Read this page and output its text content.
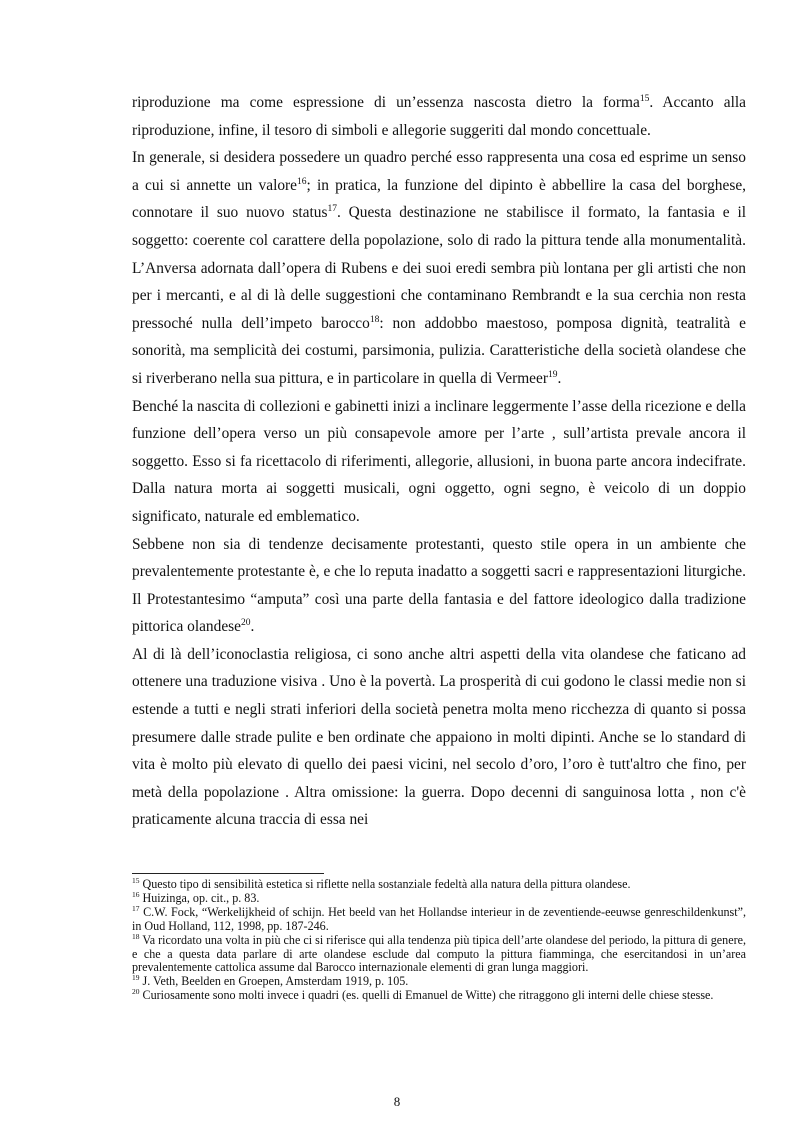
riproduzione ma come espressione di un’essenza nascosta dietro la forma$^{15}$. Accanto alla riproduzione, infine, il tesoro di simboli e allegorie suggeriti dal mondo concettuale.

In generale, si desidera possedere un quadro perché esso rappresenta una cosa ed esprime un senso a cui si annette un valore$^{16}$; in pratica, la funzione del dipinto è abbellire la casa del borghese, connotare il suo nuovo status$^{17}$. Questa destinazione ne stabilisce il formato, la fantasia e il soggetto: coerente col carattere della popolazione, solo di rado la pittura tende alla monumentalità. L’Anversa adornata dall’opera di Rubens e dei suoi eredi sembra più lontana per gli artisti che non per i mercanti, e al di là delle suggestioni che contaminano Rembrandt e la sua cerchia non resta pressoché nulla dell’impeto barocco$^{18}$: non addobbo maestoso, pomposa dignità, teatralità e sonorità, ma semplicità dei costumi, parsimonia, pulizia. Caratteristiche della società olandese che si riverberano nella sua pittura, e in particolare in quella di Vermeer$^{19}$.

Benché la nascita di collezioni e gabinetti inizi a inclinare leggermente l’asse della ricezione e della funzione dell’opera verso un più consapevole amore per l’arte , sull’artista prevale ancora il soggetto. Esso si fa ricettacolo di riferimenti, allegorie, allusioni, in buona parte ancora indecifrate. Dalla natura morta ai soggetti musicali, ogni oggetto, ogni segno, è veicolo di un doppio significato, naturale ed emblematico.

Sebbene non sia di tendenze decisamente protestanti, questo stile opera in un ambiente che prevalentemente protestante è, e che lo reputa inadatto a soggetti sacri e rappresentazioni liturgiche. Il Protestantesimo “amputa” così una parte della fantasia e del fattore ideologico dalla tradizione pittorica olandese$^{20}$.

Al di là dell’iconoclastia religiosa, ci sono anche altri aspetti della vita olandese che faticano ad ottenere una traduzione visiva . Uno è la povertà. La prosperità di cui godono le classi medie non si estende a tutti e negli strati inferiori della società penetra molta meno ricchezza di quanto si possa presumere dalle strade pulite e ben ordinate che appaiono in molti dipinti. Anche se lo standard di vita è molto più elevato di quello dei paesi vicini, nel secolo d’oro, l’oro è tutt'altro che fino, per metà della popolazione . Altra omissione: la guerra. Dopo decenni di sanguinosa lotta , non c'è praticamente alcuna traccia di essa nei

$^{15}$ Questo tipo di sensibilità estetica si riflette nella sostanziale fedeltà alla natura della pittura olandese.

$^{16}$ Huizinga, op. cit., p. 83.

$^{17}$ C.W. Fock, “Werkelijkheid of schijn. Het beeld van het Hollandse interieur in de zeventiende-eeuwse genreschildenkunst”, in Oud Holland, 112, 1998, pp. 187-246.

$^{18}$ Va ricordato una volta in più che ci si riferisce qui alla tendenza più tipica dell’arte olandese del periodo, la pittura di genere, e che a questa data parlare di arte olandese esclude dal computo la pittura fiamminga, che esercitandosi in un’area prevalentemente cattolica assume dal Barocco internazionale elementi di gran lunga maggiori.

$^{19}$ J. Veth, Beelden en Groepen, Amsterdam 1919, p. 105.

$^{20}$ Curiosamente sono molti invece i quadri (es. quelli di Emanuel de Witte) che ritraggono gli interni delle chiese stesse.

8
